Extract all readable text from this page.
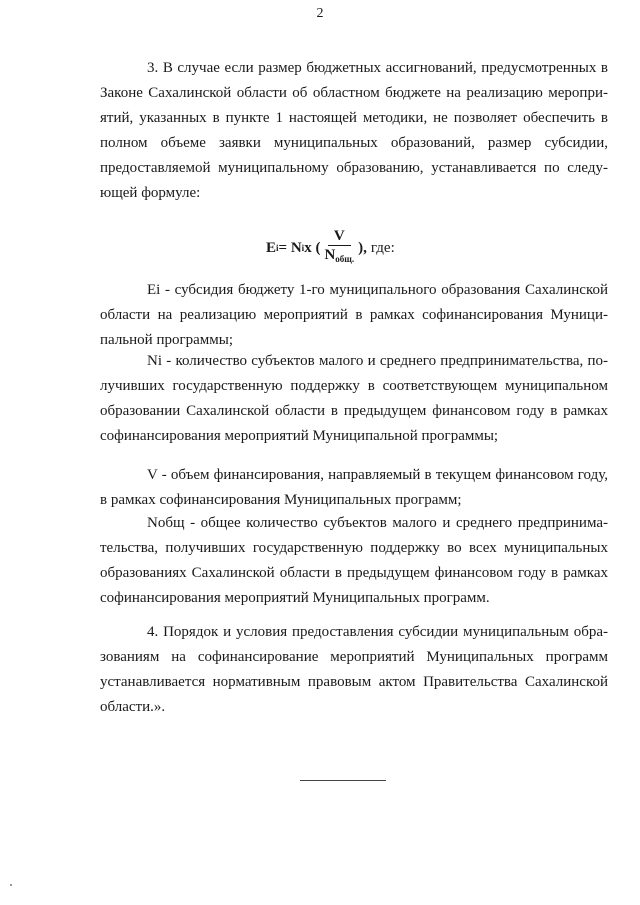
2
3. В случае если размер бюджетных ассигнований, предусмотренных в
Законе Сахалинской области об областном бюджете на реализацию меропри-
ятий, указанных в пункте 1 настоящей методики, не позволяет обеспечить в
полном объеме заявки муниципальных образований, размер субсидии,
предоставляемой муниципальному образованию, устанавливается по следу-
ющей формуле:
E i = N i x ( $\frac{V}{N_{общ.}}$ ), где:
Ei - субсидия бюджету 1-го муниципального образования Сахалинской
области на реализацию мероприятий в рамках софинансирования Муници-
пальной программы;
Ni - количество субъектов малого и среднего предпринимательства, по-
лучивших государственную поддержку в соответствующем муниципальном
образовании Сахалинской области в предыдущем финансовом году в рамках
софинансирования мероприятий Муниципальной программы;
V - объем финансирования, направляемый в текущем финансовом году,
в рамках софинансирования Муниципальных программ;
Nобщ - общее количество субъектов малого и среднего предпринима-
тельства, получивших государственную поддержку во всех муниципальных
образованиях Сахалинской области в предыдущем финансовом году в рамках
софинансирования мероприятий Муниципальных программ.
4. Порядок и условия предоставления субсидии муниципальным обра-
зованиям на софинансирование мероприятий Муниципальных программ
устанавливается нормативным правовым актом Правительства Сахалинской
области.».
